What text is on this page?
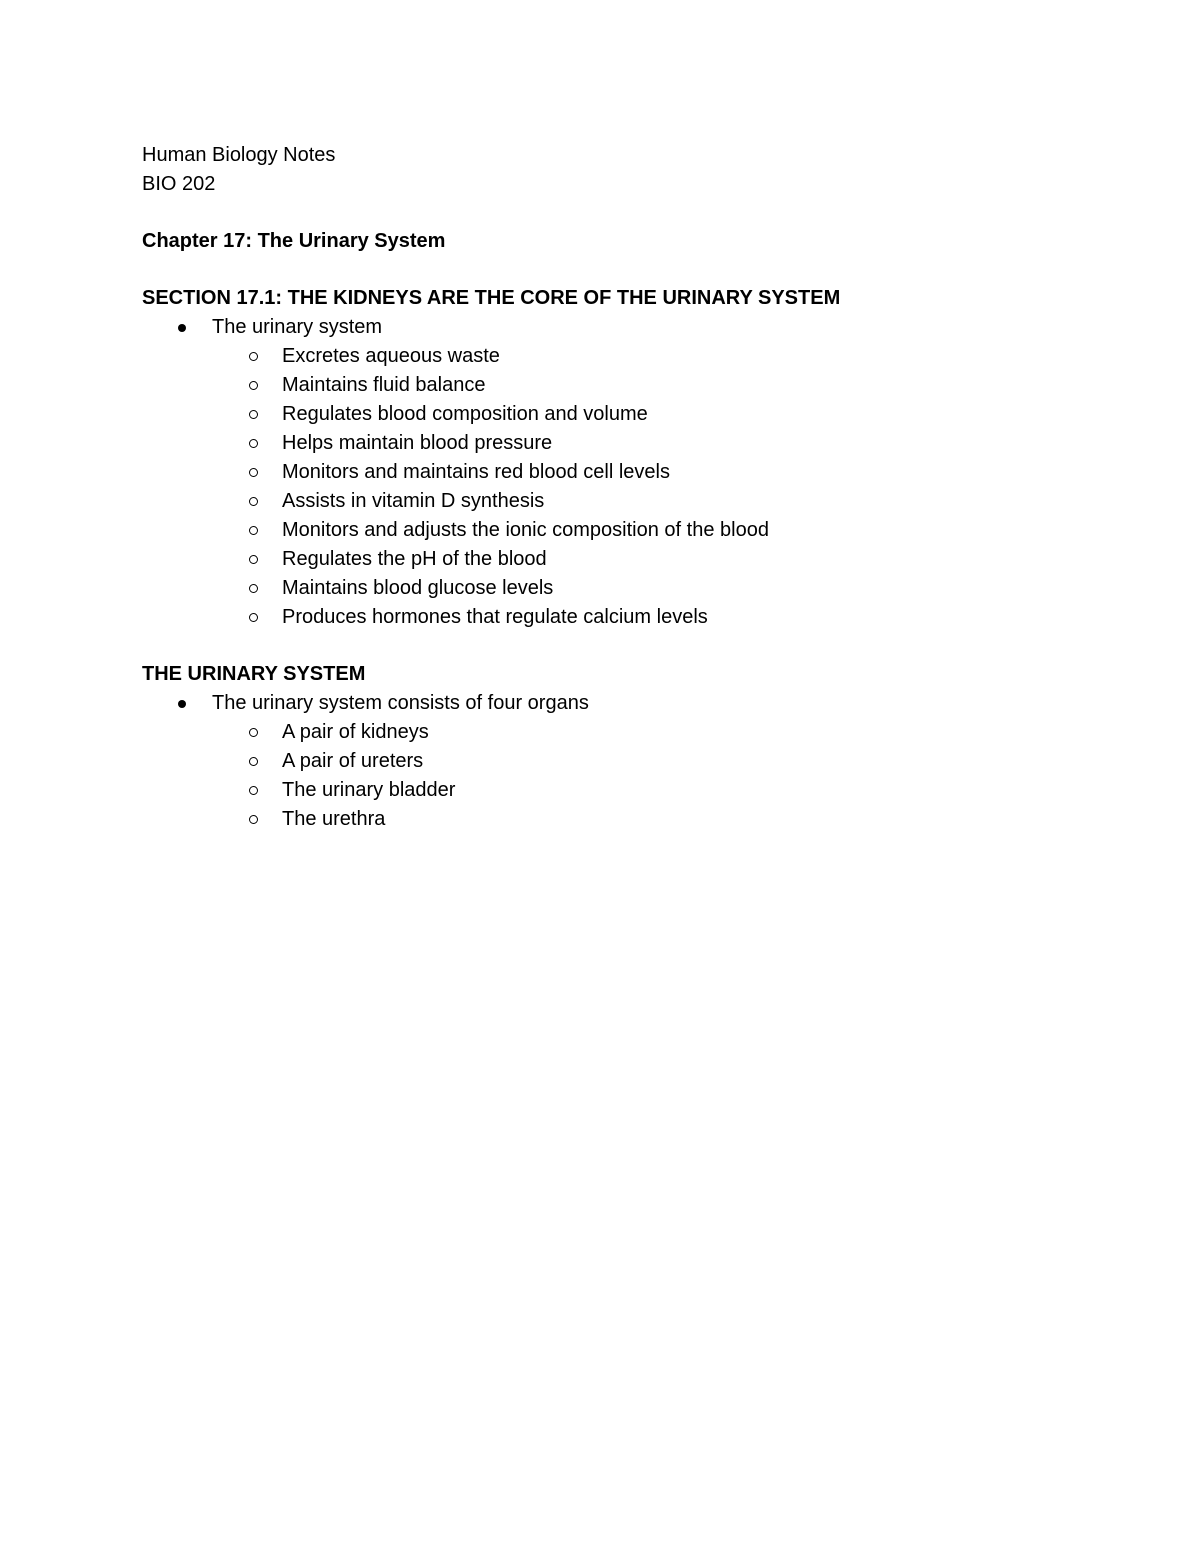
Human Biology Notes

BIO 202

Chapter 17: The Urinary System

SECTION 17.1: THE KIDNEYS ARE THE CORE OF THE URINARY SYSTEM

The urinary system
Excretes aqueous waste
Maintains fluid balance
Regulates blood composition and volume
Helps maintain blood pressure
Monitors and maintains red blood cell levels
Assists in vitamin D synthesis
Monitors and adjusts the ionic composition of the blood
Regulates the pH of the blood
Maintains blood glucose levels
Produces hormones that regulate calcium levels

THE URINARY SYSTEM

The urinary system consists of four organs
A pair of kidneys
A pair of ureters
The urinary bladder
The urethra
